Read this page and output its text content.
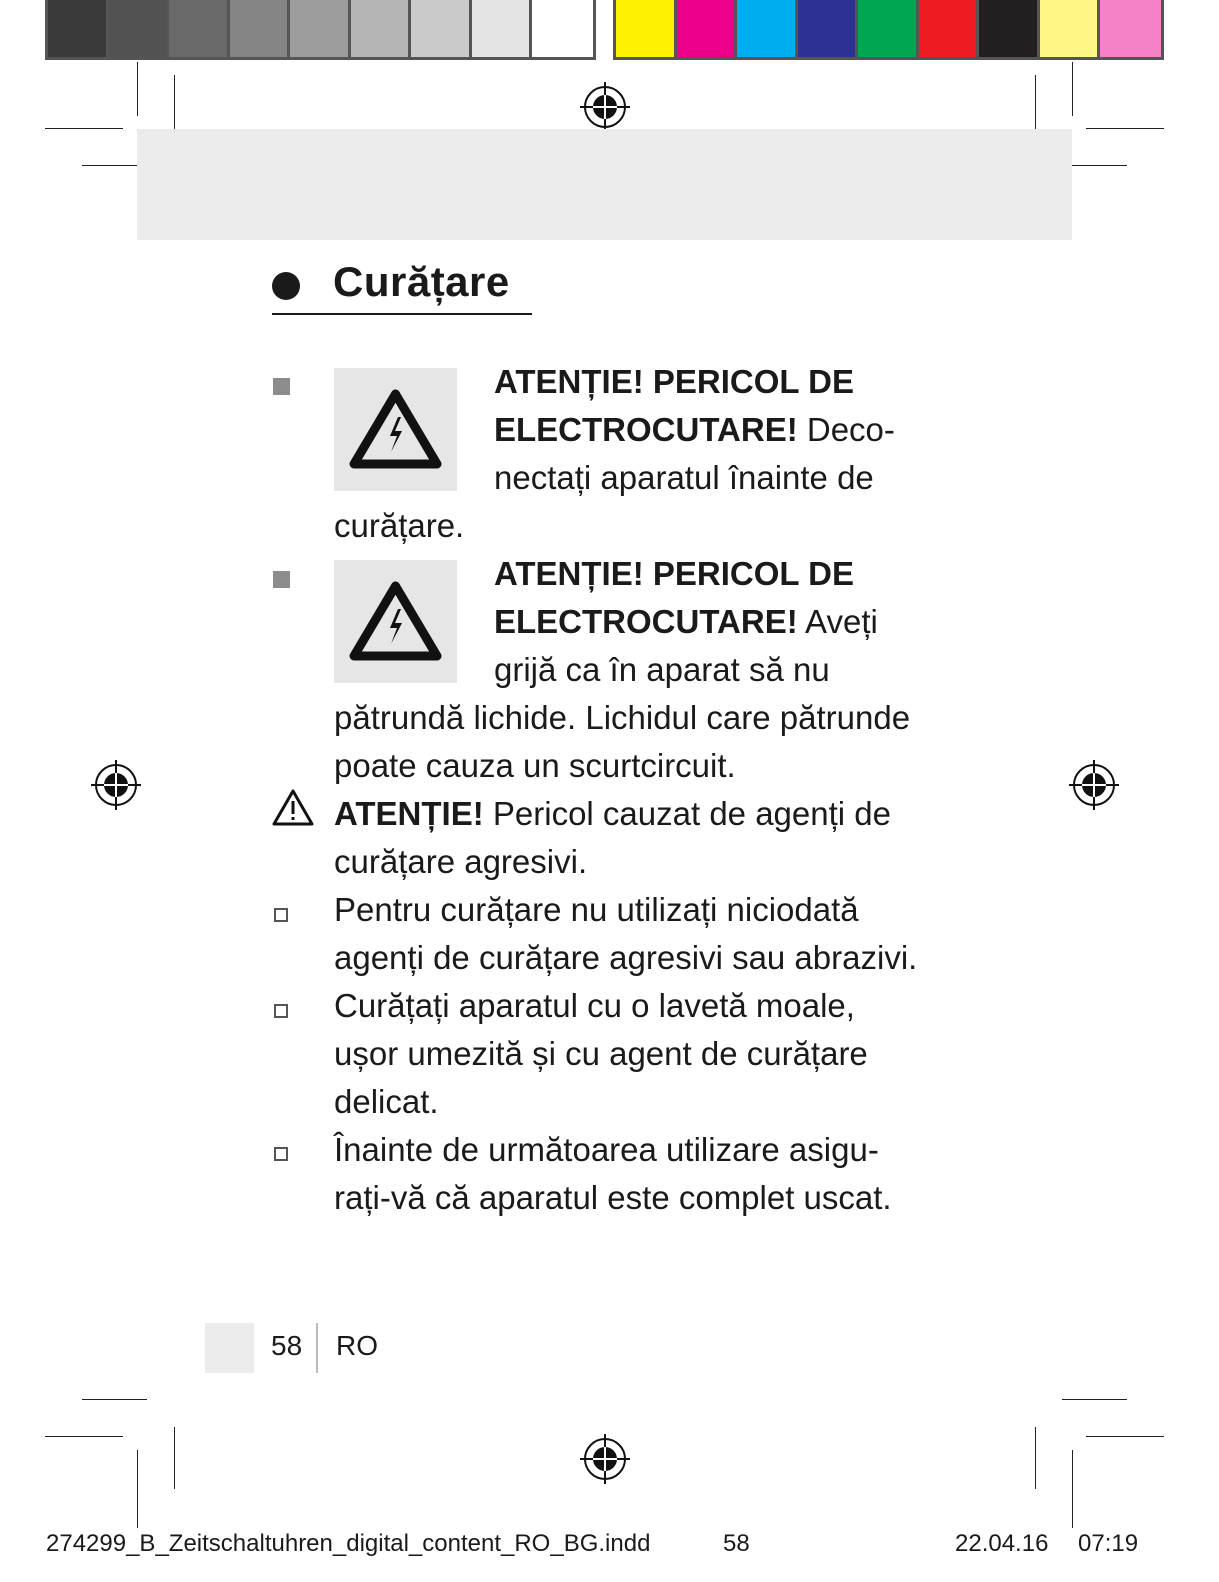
Curățare
ATENȚIE! PERICOL DE
ELECTROCUTARE! Deco-
nectați aparatul înainte de
curățare.
ATENȚIE! PERICOL DE
ELECTROCUTARE! Aveți
grijă ca în aparat să nu
pătrundă lichide. Lichidul care pătrunde
poate cauza un scurtcircuit.
ATENȚIE! Pericol cauzat de agenți de
curățare agresivi.
Pentru curățare nu utilizați niciodată
agenți de curățare agresivi sau abrazivi.
Curățați aparatul cu o lavetă moale,
ușor umezită și cu agent de curățare
delicat.
Înainte de următoarea utilizare asigu-
rați-vă că aparatul este complet uscat.
58 RO
274299_B_Zeitschaltuhren_digital_content_RO_BG.indd	58	22.04.16 07:19
